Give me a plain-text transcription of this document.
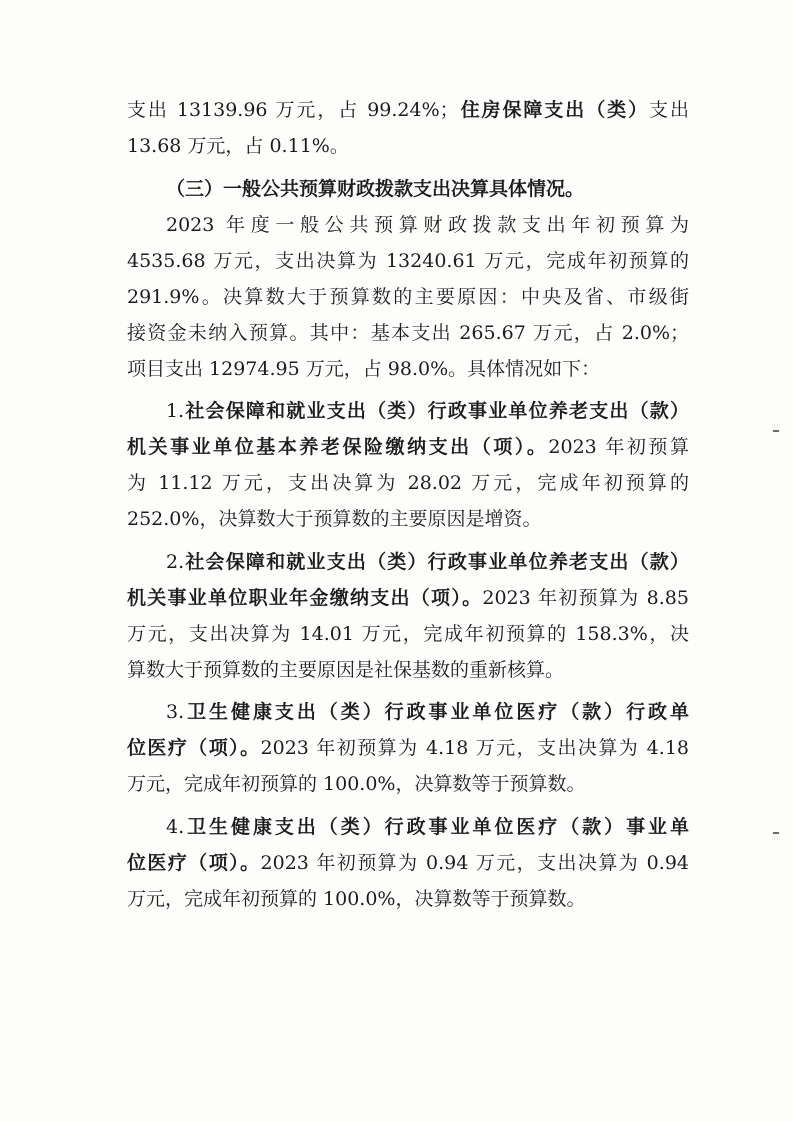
支出 13139.96 万元，占 99.24%；住房保障支出（类）支出
13.68 万元，占 0.11%。
（三）一般公共预算财政拨款支出决算具体情况。
2023 年度一般公共预算财政拨款支出年初预算为
4535.68 万元，支出决算为 13240.61 万元，完成年初预算的
291.9%。决算数大于预算数的主要原因：中央及省、市级街
接资金未纳入预算。其中：基本支出 265.67 万元，占 2.0%；
项目支出 12974.95 万元，占 98.0%。具体情况如下：
1.社会保障和就业支出（类）行政事业单位养老支出（款）
机关事业单位基本养老保险缴纳支出（项）。2023 年初预算
为 11.12 万元，支出决算为 28.02 万元，完成年初预算的
252.0%，决算数大于预算数的主要原因是增资。
2.社会保障和就业支出（类）行政事业单位养老支出（款）
机关事业单位职业年金缴纳支出（项）。2023 年初预算为 8.85
万元，支出决算为 14.01 万元，完成年初预算的 158.3%，决
算数大于预算数的主要原因是社保基数的重新核算。
3.卫生健康支出（类）行政事业单位医疗（款）行政单
位医疗（项）。2023 年初预算为 4.18 万元，支出决算为 4.18
万元，完成年初预算的 100.0%，决算数等于预算数。
4.卫生健康支出（类）行政事业单位医疗（款）事业单
位医疗（项）。2023 年初预算为 0.94 万元，支出决算为 0.94
万元，完成年初预算的 100.0%，决算数等于预算数。
